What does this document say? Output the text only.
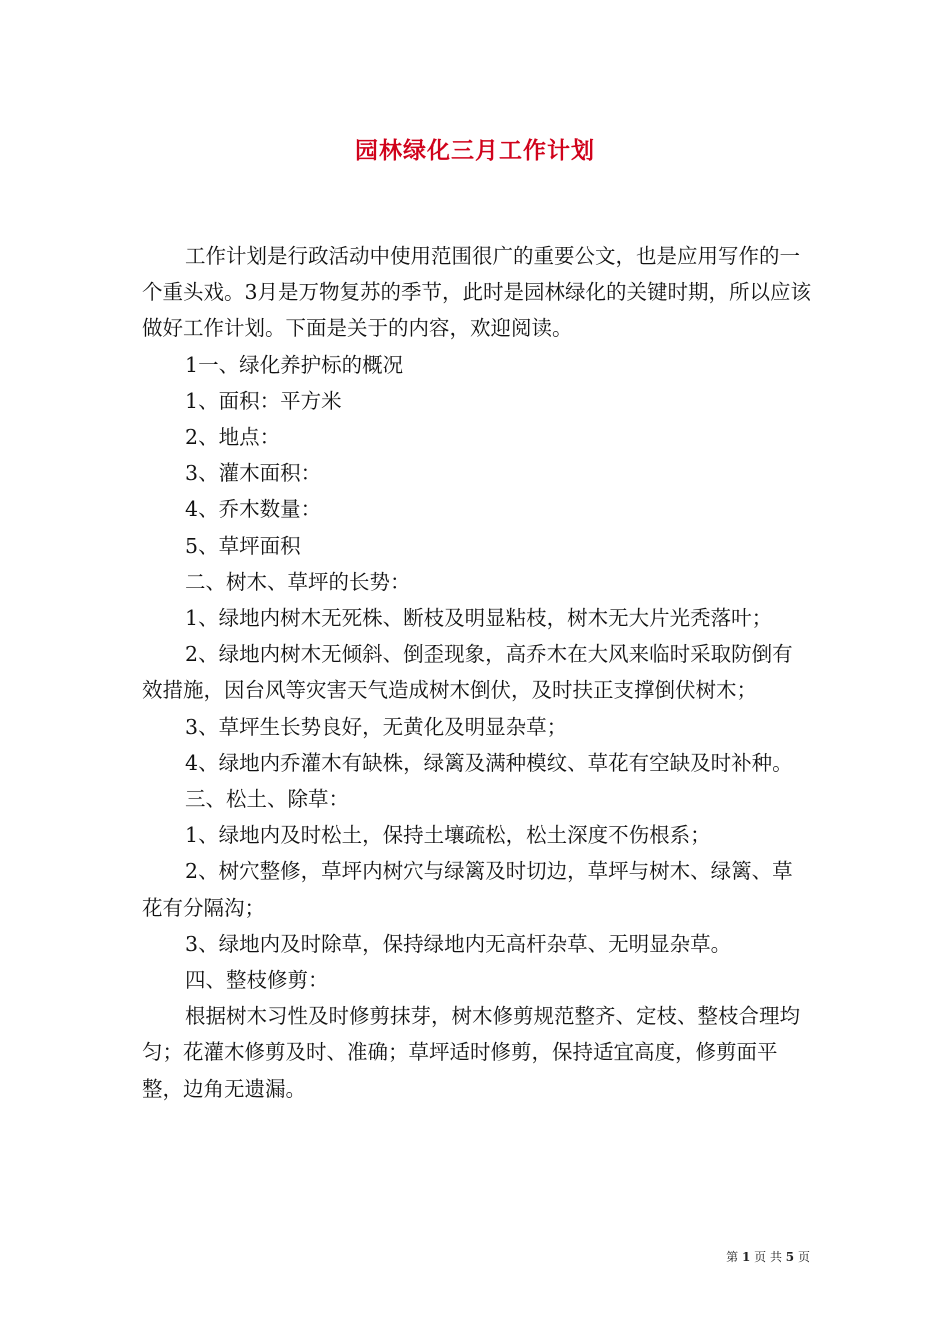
园林绿化三月工作计划

工作计划是行政活动中使用范围很广的重要公文，也是应用写作的一个重头戏。3月是万物复苏的季节，此时是园林绿化的关键时期，所以应该做好工作计划。下面是关于的内容，欢迎阅读。

1一、绿化养护标的概况

1、面积：平方米

2、地点：

3、灌木面积：

4、乔木数量：

5、草坪面积

二、树木、草坪的长势：

1、绿地内树木无死株、断枝及明显粘枝，树木无大片光秃落叶；

2、绿地内树木无倾斜、倒歪现象，高乔木在大风来临时采取防倒有效措施，因台风等灾害天气造成树木倒伏，及时扶正支撑倒伏树木；

3、草坪生长势良好，无黄化及明显杂草；

4、绿地内乔灌木有缺株，绿篱及满种模纹、草花有空缺及时补种。

三、松土、除草：

1、绿地内及时松土，保持土壤疏松，松土深度不伤根系；

2、树穴整修，草坪内树穴与绿篱及时切边，草坪与树木、绿篱、草花有分隔沟；

3、绿地内及时除草，保持绿地内无高杆杂草、无明显杂草。

四、整枝修剪：

根据树木习性及时修剪抹芽，树木修剪规范整齐、定枝、整枝合理均匀；花灌木修剪及时、准确；草坪适时修剪，保持适宜高度，修剪面平整，边角无遗漏。

第 1 页 共 5 页
